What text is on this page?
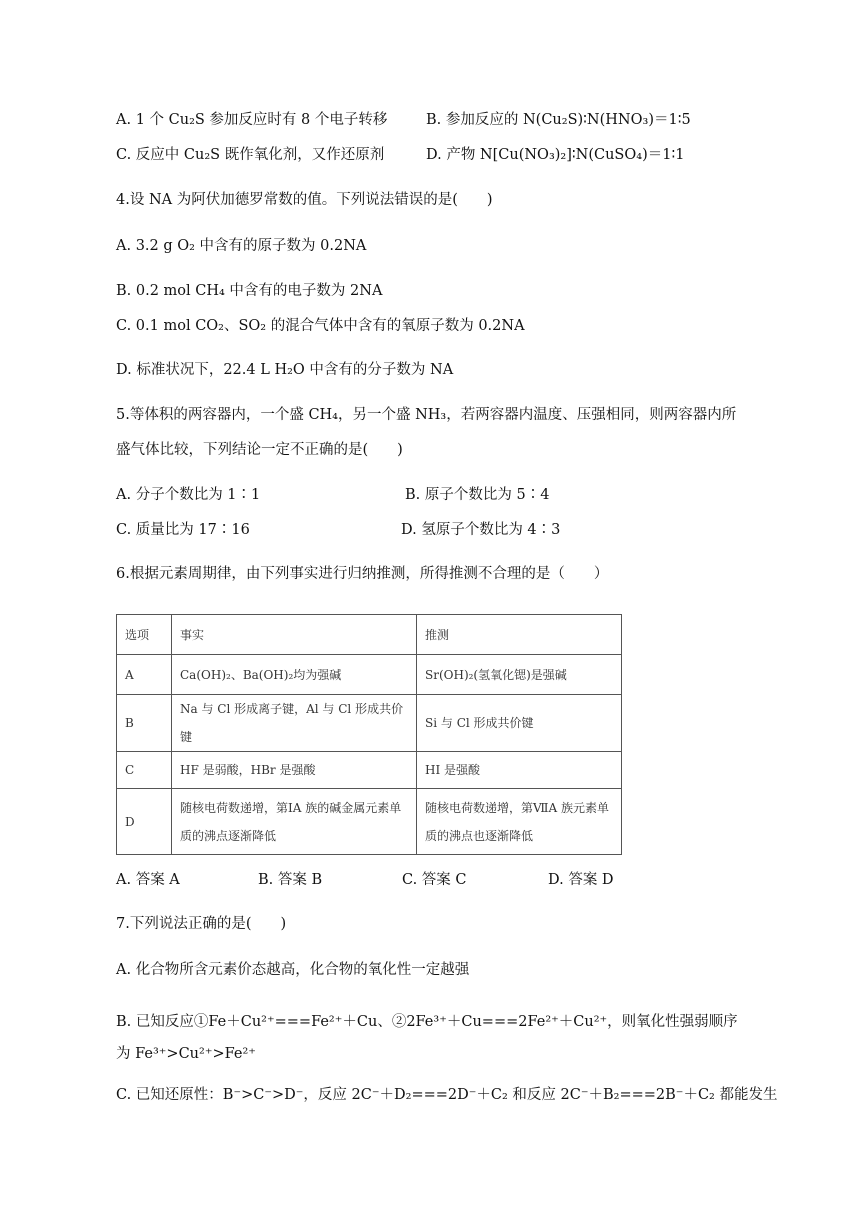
A. 1 个 Cu₂S 参加反应时有 8 个电子转移	B. 参加反应的 N(Cu₂S)∶N(HNO₃)＝1∶5
C. 反应中 Cu₂S 既作氧化剂，又作还原剂	D. 产物 N[Cu(NO₃)₂]∶N(CuSO₄)＝1∶1
4.设 NA 为阿伏加德罗常数的值。下列说法错误的是(　　)
A. 3.2 g O₂ 中含有的原子数为 0.2NA
B. 0.2 mol CH₄ 中含有的电子数为 2NA
C. 0.1 mol CO₂、SO₂ 的混合气体中含有的氧原子数为 0.2NA
D. 标准状况下，22.4 L H₂O 中含有的分子数为 NA
5.等体积的两容器内，一个盛 CH₄，另一个盛 NH₃，若两容器内温度、压强相同，则两容器内所
盛气体比较，下列结论一定不正确的是(　　)
A. 分子个数比为 1∶1	B. 原子个数比为 5∶4
C. 质量比为 17∶16	D. 氢原子个数比为 4∶3
6.根据元素周期律，由下列事实进行归纳推测，所得推测不合理的是（　　）
选项	事实	推测
A	Ca(OH)₂、Ba(OH)₂均为强碱	Sr(OH)₂(氢氧化锶)是强碱
B	Na 与 Cl 形成离子键，Al 与 Cl 形成共价键	Si 与 Cl 形成共价键
C	HF 是弱酸，HBr 是强酸	HI 是强酸
D	随核电荷数递增，第ⅠA 族的碱金属元素单质的沸点逐渐降低	随核电荷数递增，第ⅦA 族元素单质的沸点也逐渐降低
A. 答案 A	B. 答案 B	C. 答案 C	D. 答案 D
7.下列说法正确的是(　　)
A. 化合物所含元素价态越高，化合物的氧化性一定越强
B. 已知反应①Fe＋Cu²⁺===Fe²⁺＋Cu、②2Fe³⁺＋Cu===2Fe²⁺＋Cu²⁺，则氧化性强弱顺序为 Fe³⁺>Cu²⁺>Fe²⁺
C. 已知还原性：B⁻>C⁻>D⁻，反应 2C⁻＋D₂===2D⁻＋C₂ 和反应 2C⁻＋B₂===2B⁻＋C₂ 都能发生
